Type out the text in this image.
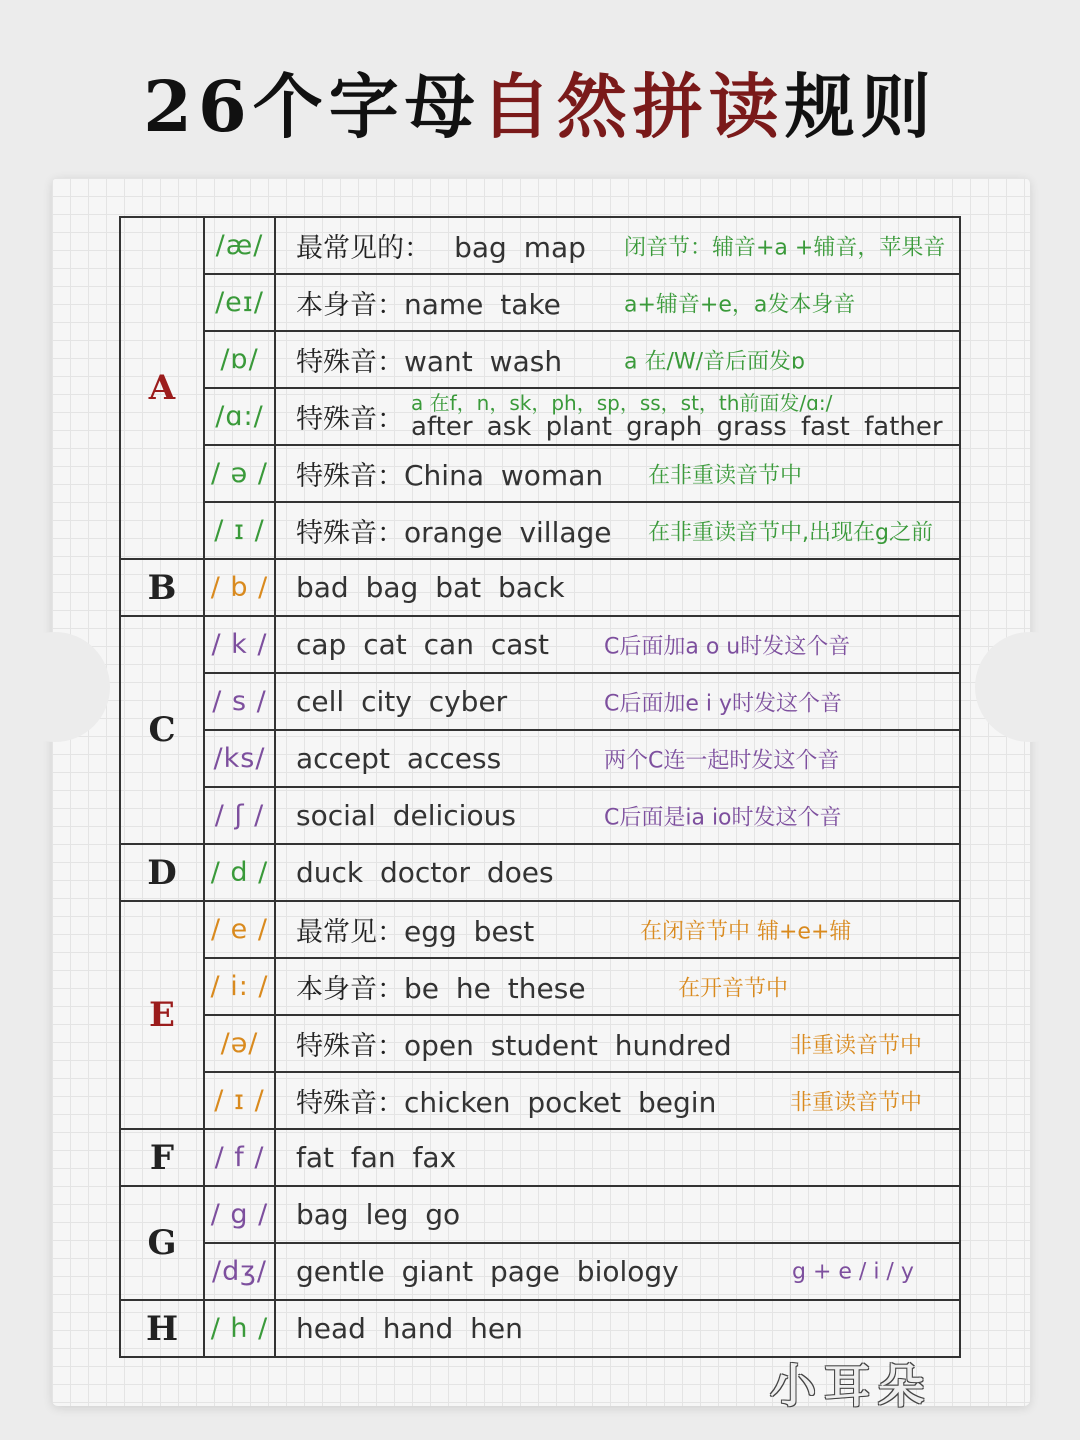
26个字母自然拼读规则
A	/æ/	最常见的： bag map 闭音节：辅音+a +辅音，苹果音

	/eɪ/	本身音：name take a+辅音+e，a发本身音

	/ɒ/	特殊音：want wash a 在/W/音后面发ɒ

	/ɑ:/	特殊音：
a 在f，n，sk，ph，sp，ss，st，th前面发/ɑ:/
after ask plant graph grass fast father

	/ ə /	特殊音：China woman 在非重读音节中

	/ ɪ /	特殊音：orange village 在非重读音节中,出现在g之前

B	/ b /	bad bag bat back
C	/ k /	cap cat can cast C后面加a o u时发这个音

	/ s /	cell city cyber C后面加e i y时发这个音

	/ks/	accept access 两个C连一起时发这个音

	/ ʃ /	social delicious C后面是ia io时发这个音

D	/ d /	duck doctor does
E	/ e /	最常见：egg best 在闭音节中 辅+e+辅

	/ i: /	本身音：be he these 在开音节中

	/ə/	特殊音：open student hundred 非重读音节中

	/ ɪ /	特殊音：chicken pocket begin 非重读音节中

F	/ f /	fat fan fax
G	/ g /	bag leg go
	/dʒ/	gentle giant page biology g + e / i / y

H	/ h /	head hand hen
小耳朵
